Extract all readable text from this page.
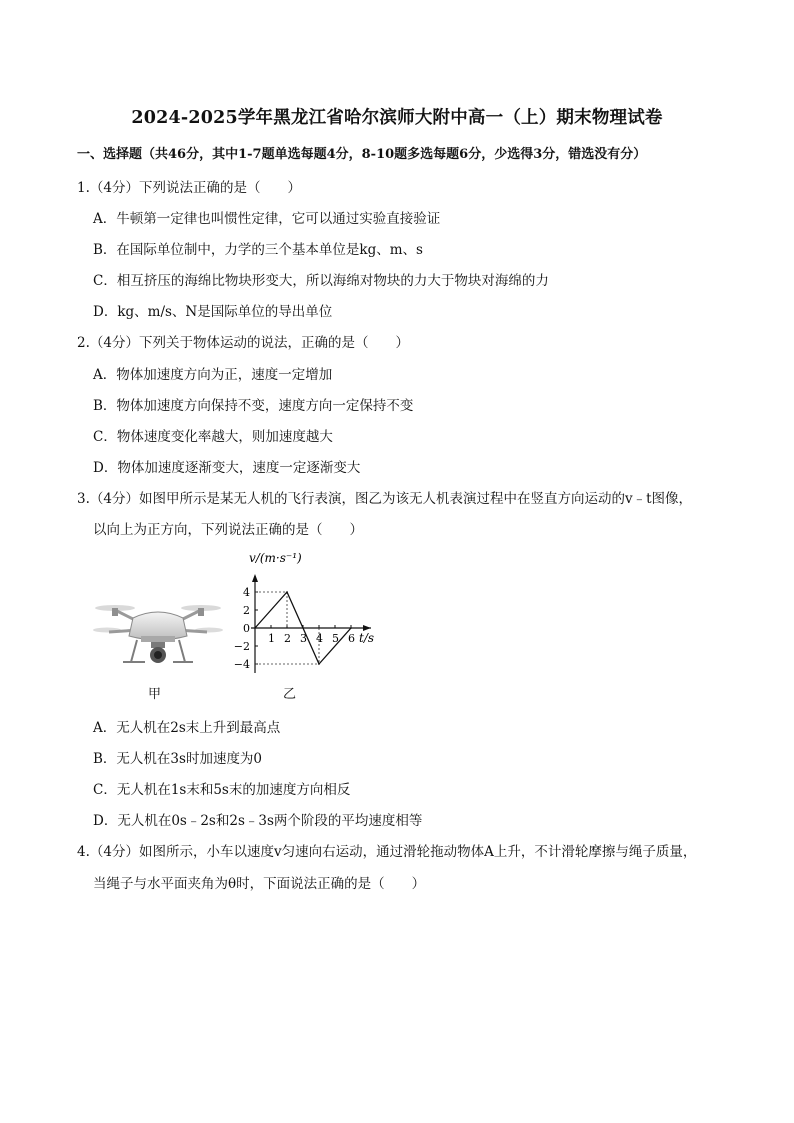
2024-2025学年黑龙江省哈尔滨师大附中高一（上）期末物理试卷
一、选择题（共46分，其中1-7题单选每题4分，8-10题多选每题6分，少选得3分，错选没有分）
1.（4分）下列说法正确的是（　　）
A．牛顿第一定律也叫惯性定律，它可以通过实验直接验证
B．在国际单位制中，力学的三个基本单位是kg、m、s
C．相互挤压的海绵比物块形变大，所以海绵对物块的力大于物块对海绵的力
D．kg、m/s、N是国际单位的导出单位
2.（4分）下列关于物体运动的说法，正确的是（　　）
A．物体加速度方向为正，速度一定增加
B．物体加速度方向保持不变，速度方向一定保持不变
C．物体速度变化率越大，则加速度越大
D．物体加速度逐渐变大，速度一定逐渐变大
3.（4分）如图甲所示是某无人机的飞行表演，图乙为该无人机表演过程中在竖直方向运动的v﹣t图像，
以向上为正方向，下列说法正确的是（　　）
甲
v/(m·s⁻¹)
t/s
1 2 3 4 5 6
4
2
0
−2
−4
乙
A．无人机在2s末上升到最高点
B．无人机在3s时加速度为0
C．无人机在1s末和5s末的加速度方向相反
D．无人机在0s﹣2s和2s﹣3s两个阶段的平均速度相等
4.（4分）如图所示，小车以速度v匀速向右运动，通过滑轮拖动物体A上升，不计滑轮摩擦与绳子质量，
当绳子与水平面夹角为θ时，下面说法正确的是（　　）
